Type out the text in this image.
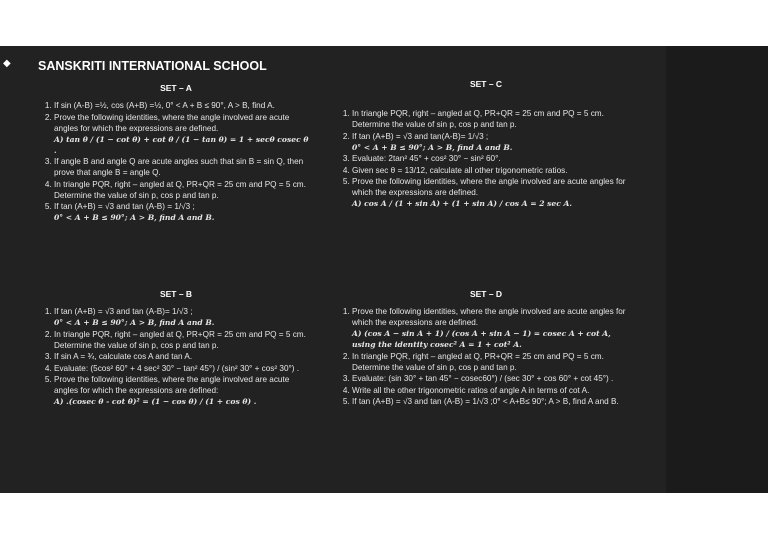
◆ SANSKRITI INTERNATIONAL SCHOOL
SET – A
1. If sin (A-B) =½, cos (A+B) =½, 0° < A + B ≤ 90°, A > B, find A.
2. Prove the following identities, where the angle involved are acute angles for which the expressions are defined.
A) tan θ / (1 − cot θ) + cot θ / (1 − tan θ) = 1 + secθ cosec θ .
3. If angle B and angle Q are acute angles such that sin B = sin Q, then prove that angle B = angle Q.
4. In triangle PQR, right – angled at Q, PR+QR = 25 cm and PQ = 5 cm. Determine the value of sin p, cos p and tan p.
5. If tan (A+B) = √3 and tan (A-B) = 1/√3 ;
0° < A + B ≤ 90°; A > B, find A and B.
SET – B
1. If tan (A+B) = √3 and tan (A-B)= 1/√3 ;
0° < A + B ≤ 90°; A > B, find A and B.
2. In triangle PQR, right – angled at Q, PR+QR = 25 cm and PQ = 5 cm. Determine the value of sin p, cos p and tan p.
3. If sin A = ¾, calculate cos A and tan A.
4. Evaluate: (5cos² 60° + 4 sec² 30° − tan² 45°) / (sin² 30° + cos² 30°) .
5. Prove the following identities, where the angle involved are acute angles for which the expressions are defined:
A) .(cosec θ - cot θ)² = (1 − cos θ) / (1 + cos θ) .
SET – C
1. In triangle PQR, right – angled at Q, PR+QR = 25 cm and PQ = 5 cm. Determine the value of sin p, cos p and tan p.
2. If tan (A+B) = √3 and tan(A-B)= 1/√3 ;
0° < A + B ≤ 90°; A > B, find A and B.
3. Evaluate: 2tan² 45° + cos² 30° − sin² 60°.
4. Given sec θ = 13/12, calculate all other trigonometric ratios.
5. Prove the following identities, where the angle involved are acute angles for which the expressions are defined.
A) cos A / (1 + sin A) + (1 + sin A) / cos A = 2 sec A.
SET – D
1. Prove the following identities, where the angle involved are acute angles for which the expressions are defined.
A) (cos A − sin A + 1) / (cos A + sin A − 1) = cosec A + cot A, using the identity cosec² A = 1 + cot² A.
2. In triangle PQR, right – angled at Q, PR+QR = 25 cm and PQ = 5 cm. Determine the value of sin p, cos p and tan p.
3. Evaluate: (sin 30° + tan 45° − cosec60°) / (sec 30° + cos 60° + cot 45°) .
4. Write all the other trigonometric ratios of angle A in terms of cot A.
5. If tan (A+B) = √3 and tan (A-B) = 1/√3 ;0° < A+B≤ 90°; A > B, find A and B.
